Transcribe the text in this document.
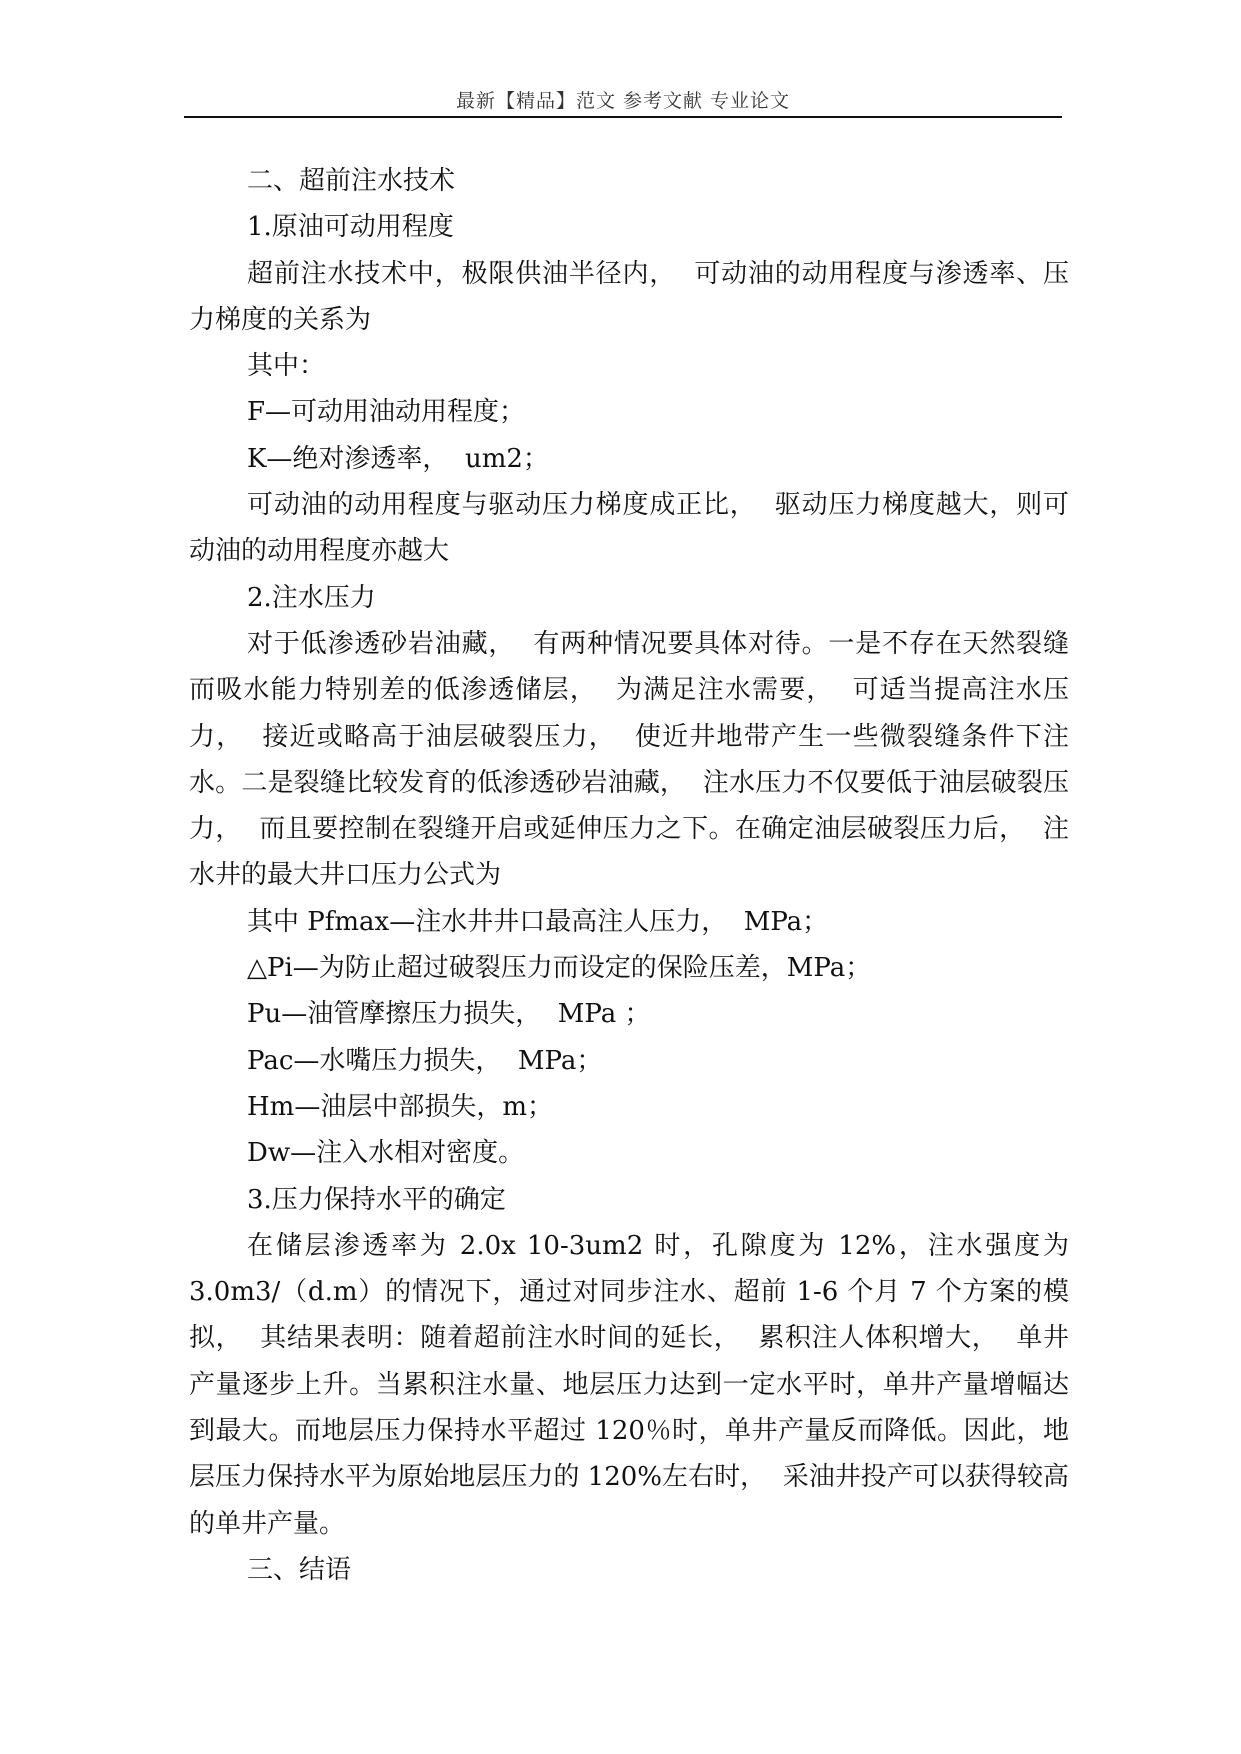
最新【精品】范文 参考文献 专业论文

二、超前注水技术

1.原油可动用程度

超前注水技术中，极限供油半径内，  可动油的动用程度与渗透率、压力梯度的关系为

其中：

F—可动用油动用程度；

K—绝对渗透率，  um2；

可动油的动用程度与驱动压力梯度成正比，  驱动压力梯度越大，则可动油的动用程度亦越大

2.注水压力

对于低渗透砂岩油藏，  有两种情况要具体对待。一是不存在天然裂缝而吸水能力特别差的低渗透储层，  为满足注水需要，  可适当提高注水压力，  接近或略高于油层破裂压力，  使近井地带产生一些微裂缝条件下注水。二是裂缝比较发育的低渗透砂岩油藏，  注水压力不仅要低于油层破裂压力，  而且要控制在裂缝开启或延伸压力之下。在确定油层破裂压力后，  注水井的最大井口压力公式为

其中 Pfmax—注水井井口最高注人压力，  MPa；

△Pi—为防止超过破裂压力而设定的保险压差，MPa；

Pu—油管摩擦压力损失，  MPa ；

Pac—水嘴压力损失，  MPa；

Hm—油层中部损失，m；

Dw—注入水相对密度。

3.压力保持水平的确定

在储层渗透率为 2.0x 10-3um2 时，孔隙度为 12%，注水强度为 3.0m3/（d.m）的情况下，通过对同步注水、超前 1-6 个月 7 个方案的模拟，  其结果表明：随着超前注水时间的延长，  累积注人体积增大，  单井产量逐步上升。当累积注水量、地层压力达到一定水平时，单井产量增幅达到最大。而地层压力保持水平超过 120％时，单井产量反而降低。因此，地层压力保持水平为原始地层压力的 120%左右时，  采油井投产可以获得较高的单井产量。

三、结语
